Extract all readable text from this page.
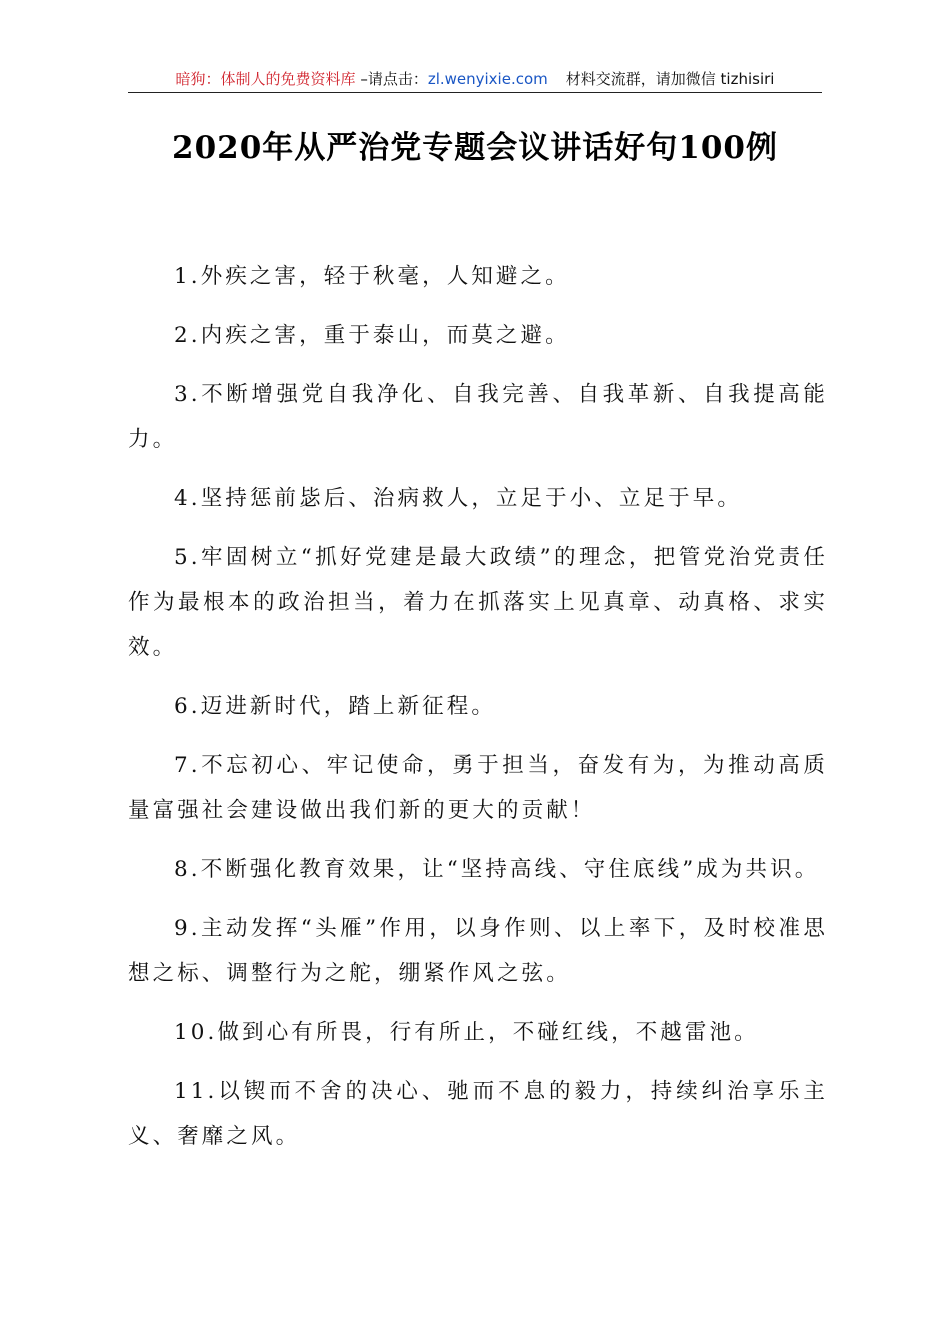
暗狗：体制人的免费资料库 –请点击：zl.wenyixie.com 材料交流群，请加微信 tizhisiri
2020年从严治党专题会议讲话好句100例
1.外疾之害，轻于秋毫，人知避之。
2.内疾之害，重于泰山，而莫之避。
3.不断增强党自我净化、自我完善、自我革新、自我提高能力。
4.坚持惩前毖后、治病救人，立足于小、立足于早。
5.牢固树立“抓好党建是最大政绩”的理念，把管党治党责任作为最根本的政治担当，着力在抓落实上见真章、动真格、求实效。
6.迈进新时代，踏上新征程。
7.不忘初心、牢记使命，勇于担当，奋发有为，为推动高质量富强社会建设做出我们新的更大的贡献！
8.不断强化教育效果，让“坚持高线、守住底线”成为共识。
9.主动发挥“头雁”作用，以身作则、以上率下，及时校准思想之标、调整行为之舵，绷紧作风之弦。
10.做到心有所畏，行有所止，不碰红线，不越雷池。
11.以锲而不舍的决心、驰而不息的毅力，持续纠治享乐主义、奢靡之风。
